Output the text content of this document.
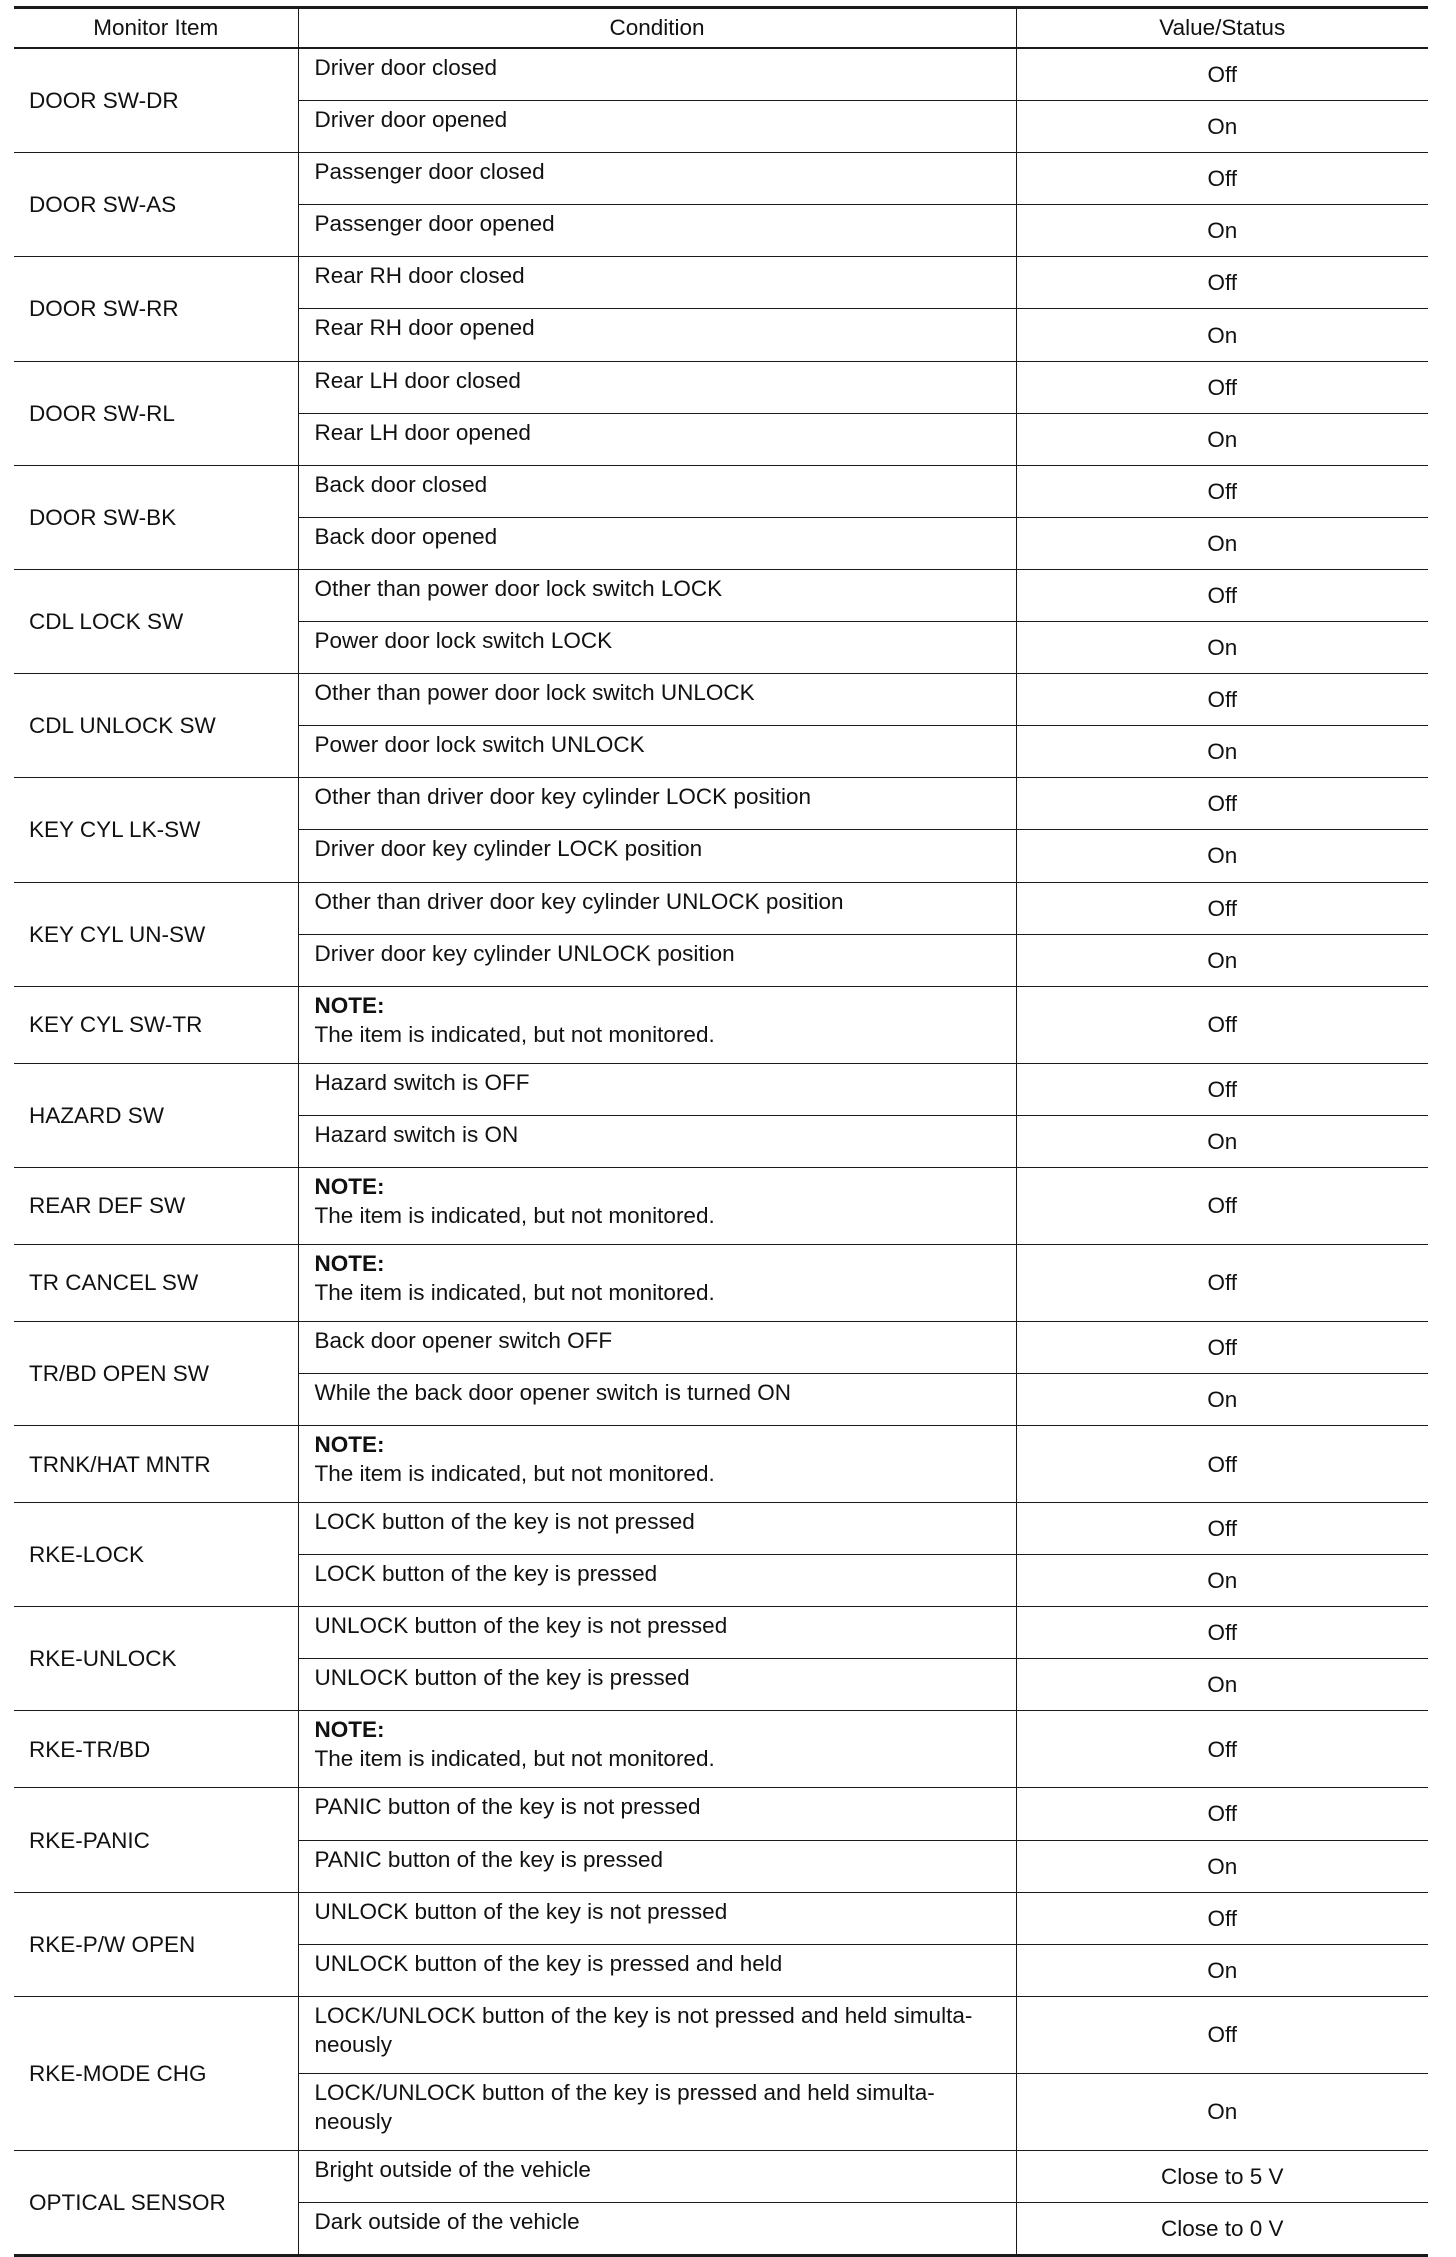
Monitor Item	Condition	Value/Status
DOOR SW-DR	Driver door closed	Off
	Driver door opened	On
DOOR SW-AS	Passenger door closed	Off
	Passenger door opened	On
DOOR SW-RR	Rear RH door closed	Off
	Rear RH door opened	On
DOOR SW-RL	Rear LH door closed	Off
	Rear LH door opened	On
DOOR SW-BK	Back door closed	Off
	Back door opened	On
CDL LOCK SW	Other than power door lock switch LOCK	Off
	Power door lock switch LOCK	On
CDL UNLOCK SW	Other than power door lock switch UNLOCK	Off
	Power door lock switch UNLOCK	On
KEY CYL LK-SW	Other than driver door key cylinder LOCK position	Off
	Driver door key cylinder LOCK position	On
KEY CYL UN-SW	Other than driver door key cylinder UNLOCK position	Off
	Driver door key cylinder UNLOCK position	On
KEY CYL SW-TR	NOTE:
The item is indicated, but not monitored.	Off
HAZARD SW	Hazard switch is OFF	Off
	Hazard switch is ON	On
REAR DEF SW	NOTE:
The item is indicated, but not monitored.	Off
TR CANCEL SW	NOTE:
The item is indicated, but not monitored.	Off
TR/BD OPEN SW	Back door opener switch OFF	Off
	While the back door opener switch is turned ON	On
TRNK/HAT MNTR	NOTE:
The item is indicated, but not monitored.	Off
RKE-LOCK	LOCK button of the key is not pressed	Off
	LOCK button of the key is pressed	On
RKE-UNLOCK	UNLOCK button of the key is not pressed	Off
	UNLOCK button of the key is pressed	On
RKE-TR/BD	NOTE:
The item is indicated, but not monitored.	Off
RKE-PANIC	PANIC button of the key is not pressed	Off
	PANIC button of the key is pressed	On
RKE-P/W OPEN	UNLOCK button of the key is not pressed	Off
	UNLOCK button of the key is pressed and held	On
RKE-MODE CHG	LOCK/UNLOCK button of the key is not pressed and held simulta-
neously	Off
	LOCK/UNLOCK button of the key is pressed and held simulta-
neously	On
OPTICAL SENSOR	Bright outside of the vehicle	Close to 5 V
	Dark outside of the vehicle	Close to 0 V
